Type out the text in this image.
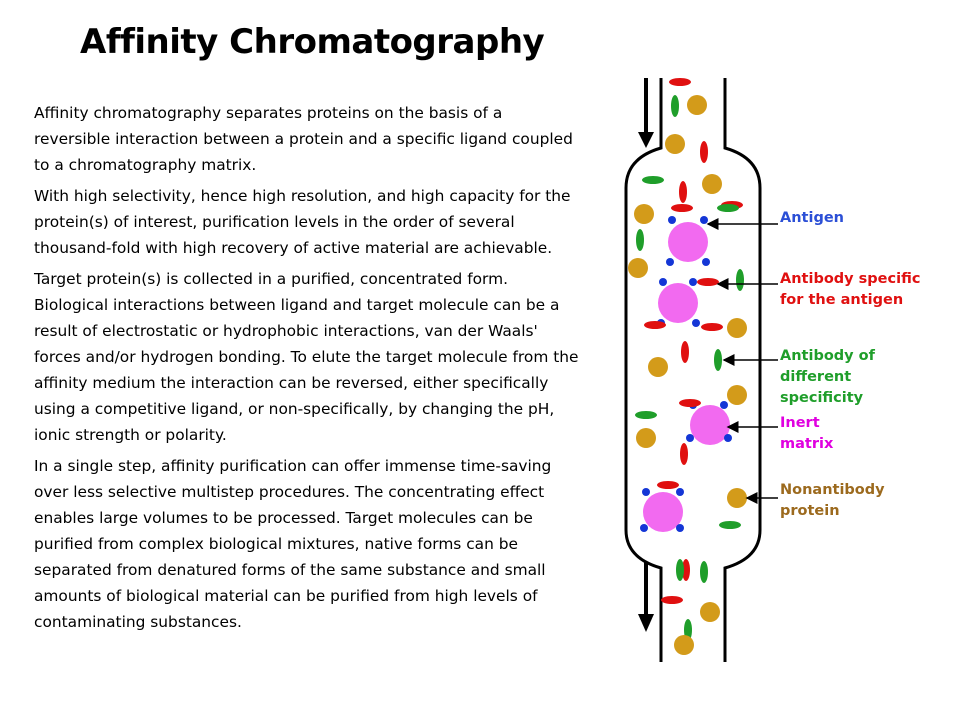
Affinity Chromatography

Affinity chromatography separates proteins on the basis of a reversible interaction between a protein and a specific ligand coupled to a chromatography matrix.

With high selectivity, hence high resolution, and high capacity for the protein(s) of interest, purification levels in the order of several thousand-fold with high recovery of active material are achievable.

Target protein(s) is collected in a purified, concentrated form. Biological interactions between ligand and target molecule can be a result of electrostatic or hydrophobic interactions, van der Waals' forces and/or hydrogen bonding. To elute the target molecule from the affinity medium the interaction can be reversed, either specifically using a competitive ligand, or non-specifically, by changing the pH, ionic strength or polarity.

In a single step, affinity purification can offer immense time-saving over less selective multistep procedures. The concentrating effect enables large volumes to be processed. Target molecules can be purified from complex biological mixtures, native forms can be separated from denatured forms of the same substance and small amounts of biological material can be purified from high levels of contaminating substances.

Antigen

Antibody specific for the antigen

Antibody of different specificity

Inert matrix

Nonantibody protein
